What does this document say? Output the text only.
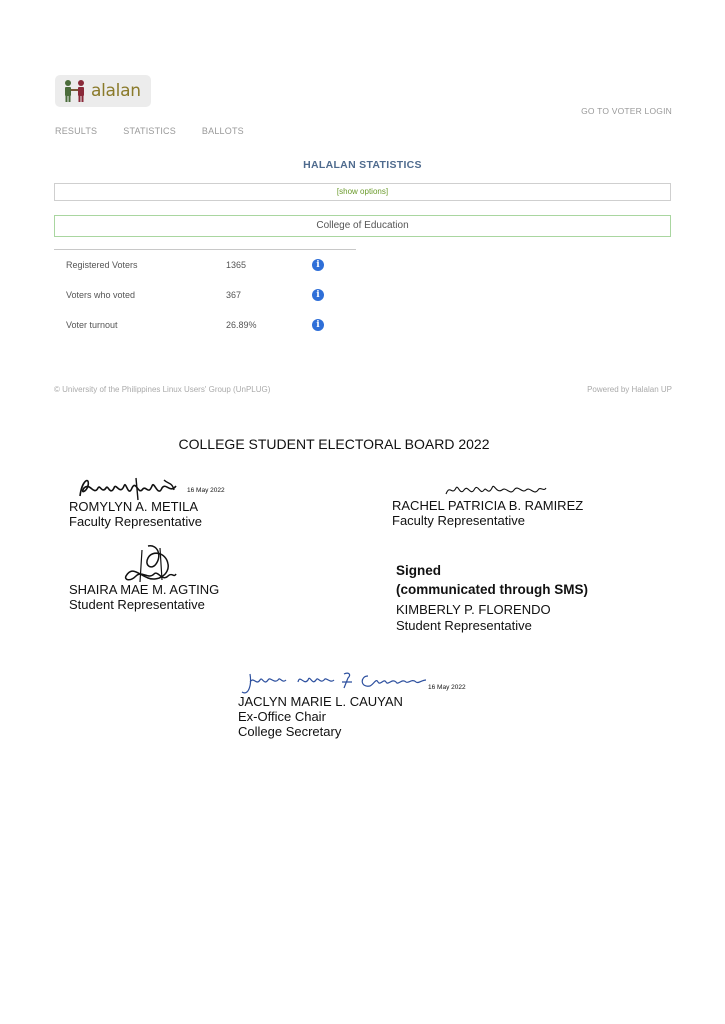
alalan
GO TO VOTER LOGIN
RESULTS	STATISTICS	BALLOTS
HALALAN STATISTICS
[show options]
College of Education
Registered Voters	1365	i
Voters who voted	367	i
Voter turnout	26.89%	i
© University of the Philippines Linux Users' Group (UnPLUG)	Powered by Halalan UP
COLLEGE STUDENT ELECTORAL BOARD 2022
16 May 2022
ROMYLYN A. METILA
Faculty Representative
RACHEL PATRICIA B. RAMIREZ
Faculty Representative
SHAIRA MAE M. AGTING
Student Representative
Signed
(communicated through SMS)
KIMBERLY P. FLORENDO
Student Representative
16 May 2022
JACLYN MARIE L. CAUYAN
Ex-Office Chair
College Secretary
